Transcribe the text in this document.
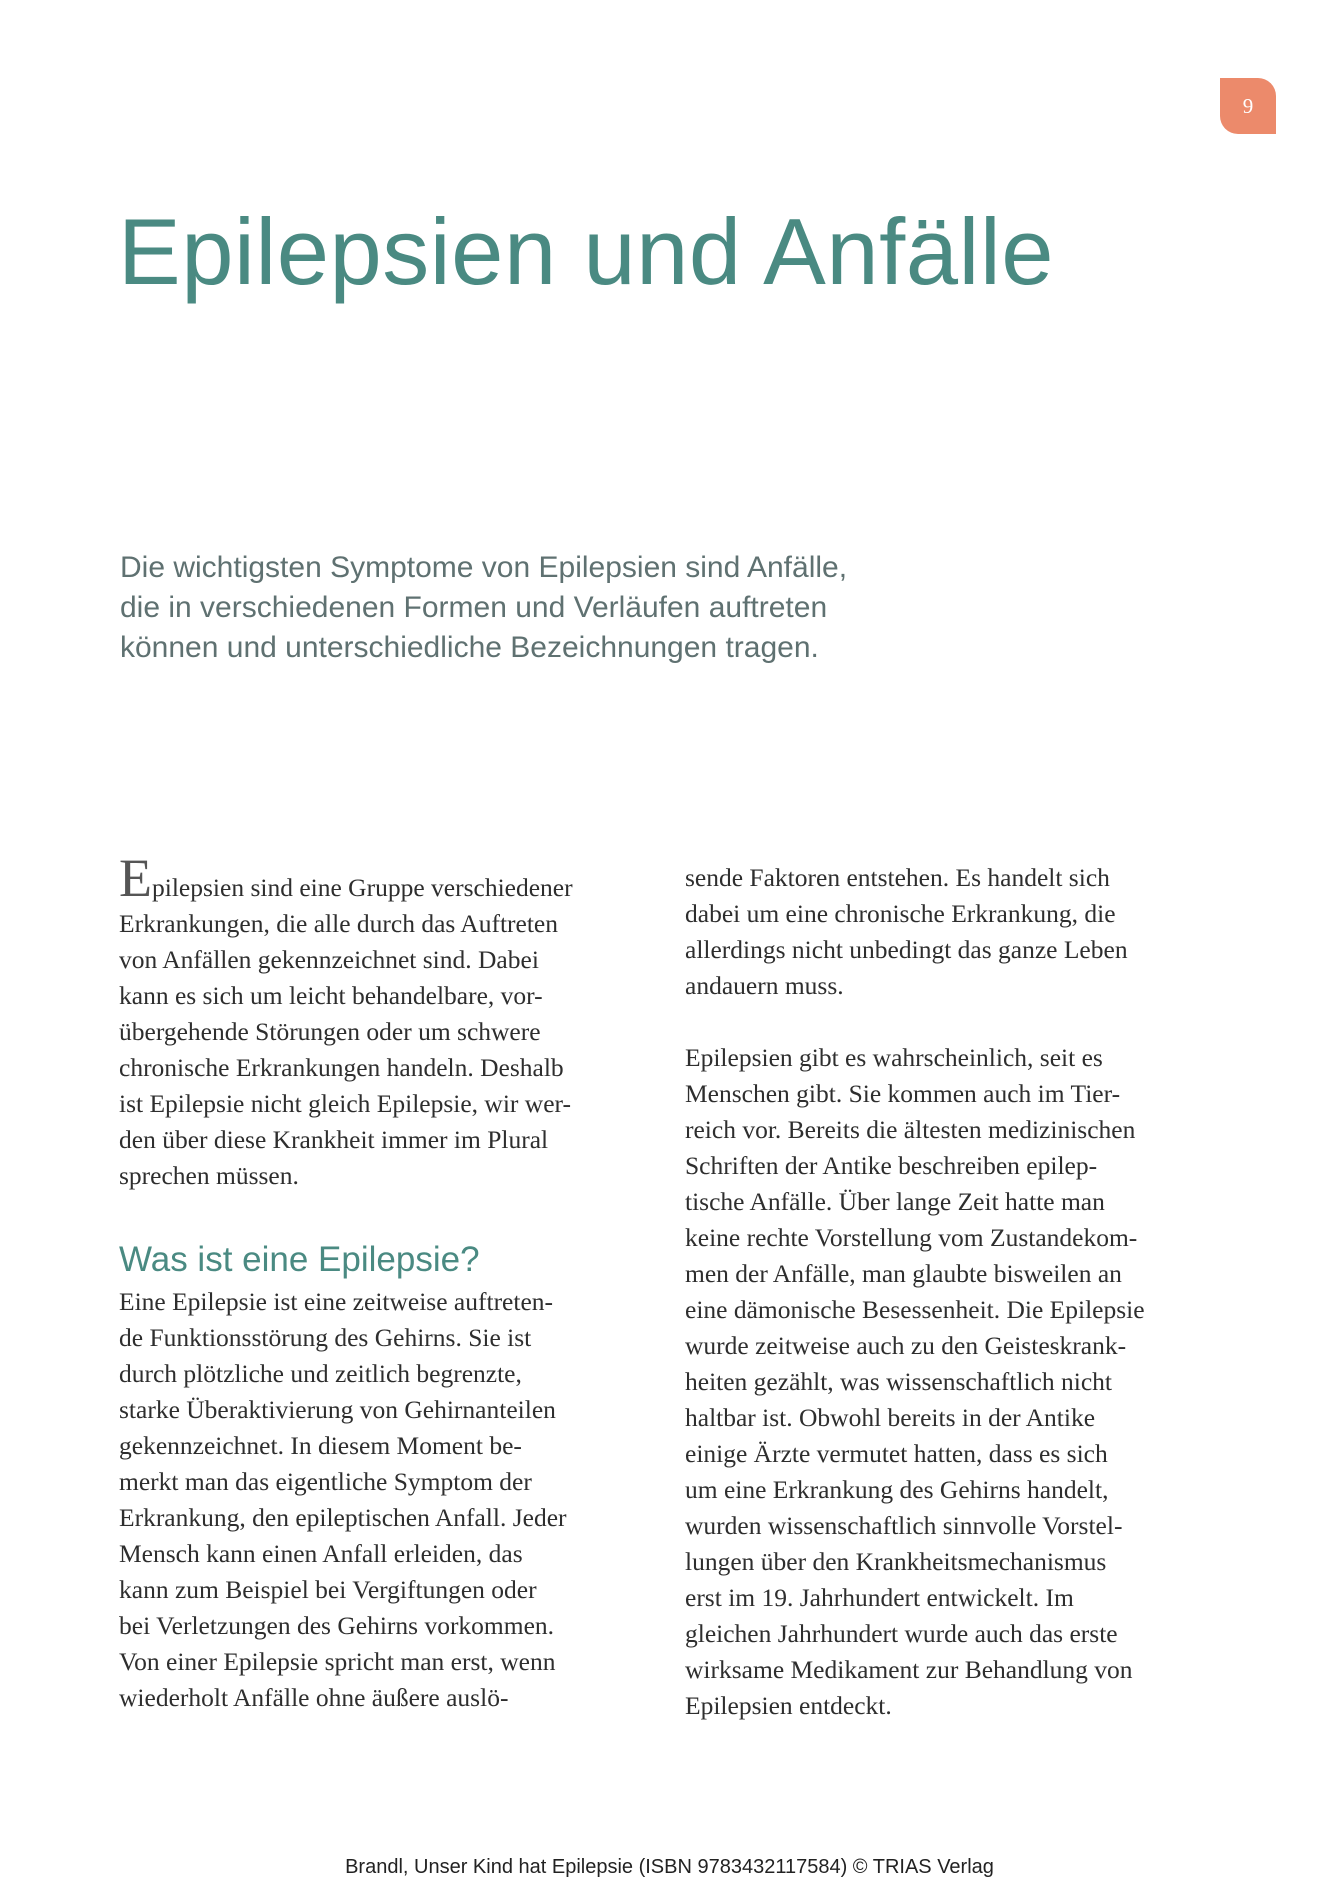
9
Epilepsien und Anfälle

Die wichtigsten Symptome von Epilepsien sind Anfälle,
die in verschiedenen Formen und Verläufen auftreten
können und unterschiedliche Bezeichnungen tragen.

Epilepsien sind eine Gruppe verschiedener
Erkrankungen, die alle durch das Auftreten
von Anfällen gekennzeichnet sind. Dabei
kann es sich um leicht behandelbare, vor-
übergehende Störungen oder um schwere
chronische Erkrankungen handeln. Deshalb
ist Epilepsie nicht gleich Epilepsie, wir wer-
den über diese Krankheit immer im Plural
sprechen müssen.
Was ist eine Epilepsie?
Eine Epilepsie ist eine zeitweise auftreten-
de Funktionsstörung des Gehirns. Sie ist
durch plötzliche und zeitlich begrenzte,
starke Überaktivierung von Gehirnanteilen
gekennzeichnet. In diesem Moment be-
merkt man das eigentliche Symptom der
Erkrankung, den epileptischen Anfall. Jeder
Mensch kann einen Anfall erleiden, das
kann zum Beispiel bei Vergiftungen oder
bei Verletzungen des Gehirns vorkommen.
Von einer Epilepsie spricht man erst, wenn
wiederholt Anfälle ohne äußere auslö-
sende Faktoren entstehen. Es handelt sich
dabei um eine chronische Erkrankung, die
allerdings nicht unbedingt das ganze Leben
andauern muss.
Epilepsien gibt es wahrscheinlich, seit es
Menschen gibt. Sie kommen auch im Tier-
reich vor. Bereits die ältesten medizinischen
Schriften der Antike beschreiben epilep-
tische Anfälle. Über lange Zeit hatte man
keine rechte Vorstellung vom Zustandekom-
men der Anfälle, man glaubte bisweilen an
eine dämonische Besessenheit. Die Epilepsie
wurde zeitweise auch zu den Geisteskrank-
heiten gezählt, was wissenschaftlich nicht
haltbar ist. Obwohl bereits in der Antike
einige Ärzte vermutet hatten, dass es sich
um eine Erkrankung des Gehirns handelt,
wurden wissenschaftlich sinnvolle Vorstel-
lungen über den Krankheitsmechanismus
erst im 19. Jahrhundert entwickelt. Im
gleichen Jahrhundert wurde auch das erste
wirksame Medikament zur Behandlung von
Epilepsien entdeckt.
Brandl, Unser Kind hat Epilepsie (ISBN 9783432117584) © TRIAS Verlag
